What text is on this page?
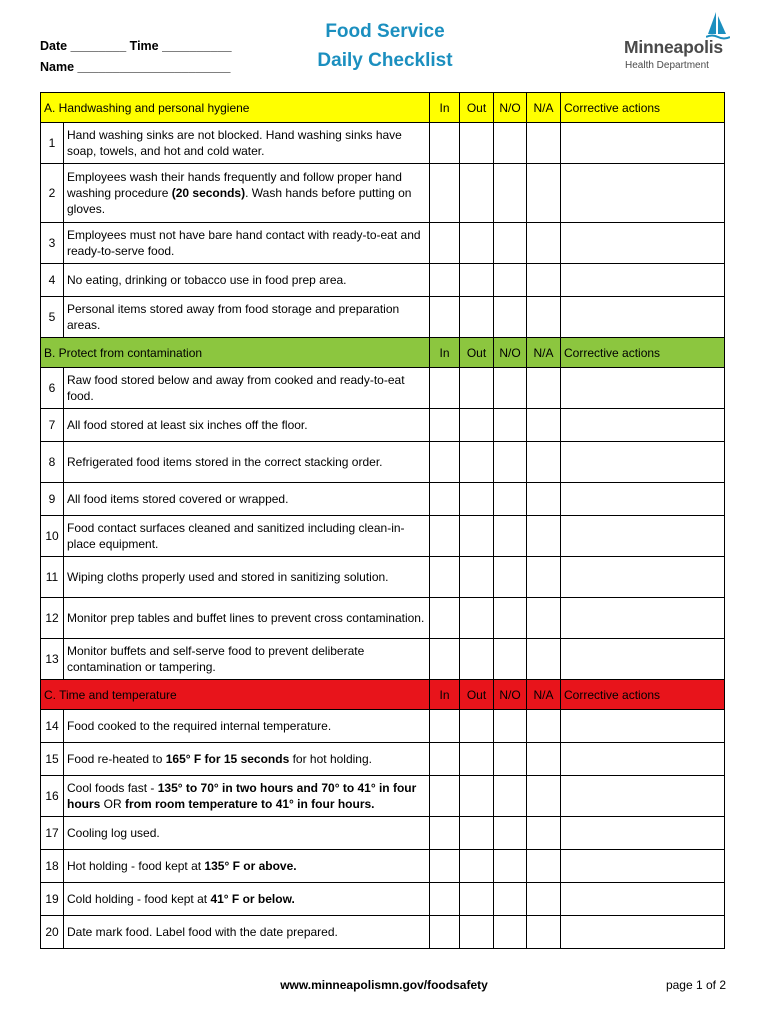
Date ________ Time __________
Name ______________________
Food Service
Daily Checklist
Minneapolis
Health Department
A. Handwashing and personal hygiene		In	Out	N/O	N/A	Corrective actions
1	Hand washing sinks are not blocked. Hand washing sinks have soap, towels, and hot and cold water.					
2	Employees wash their hands frequently and follow proper hand washing procedure (20 seconds). Wash hands before putting on gloves.					
3	Employees must not have bare hand contact with ready-to-eat and ready-to-serve food.					
4	No eating, drinking or tobacco use in food prep area.					
5	Personal items stored away from food storage and preparation areas.					
B. Protect from contamination		In	Out	N/O	N/A	Corrective actions
6	Raw food stored below and away from cooked and ready-to-eat food.					
7	All food stored at least six inches off the floor.					
8	Refrigerated food items stored in the correct stacking order.					
9	All food items stored covered or wrapped.					
10	Food contact surfaces cleaned and sanitized including clean-in-place equipment.					
11	Wiping cloths properly used and stored in sanitizing solution.					
12	Monitor prep tables and buffet lines to prevent cross contamination.					
13	Monitor buffets and self-serve food to prevent deliberate contamination or tampering.					
C. Time and temperature		In	Out	N/O	N/A	Corrective actions
14	Food cooked to the required internal temperature.					
15	Food re-heated to 165° F for 15 seconds for hot holding.					
16	Cool foods fast - 135° to 70° in two hours and 70° to 41° in four hours OR from room temperature to 41° in four hours.					
17	Cooling log used.					
18	Hot holding - food kept at 135° F or above.					
19	Cold holding - food kept at 41° F or below.					
20	Date mark food. Label food with the date prepared.					
www.minneapolismn.gov/foodsafety	page 1 of 2
